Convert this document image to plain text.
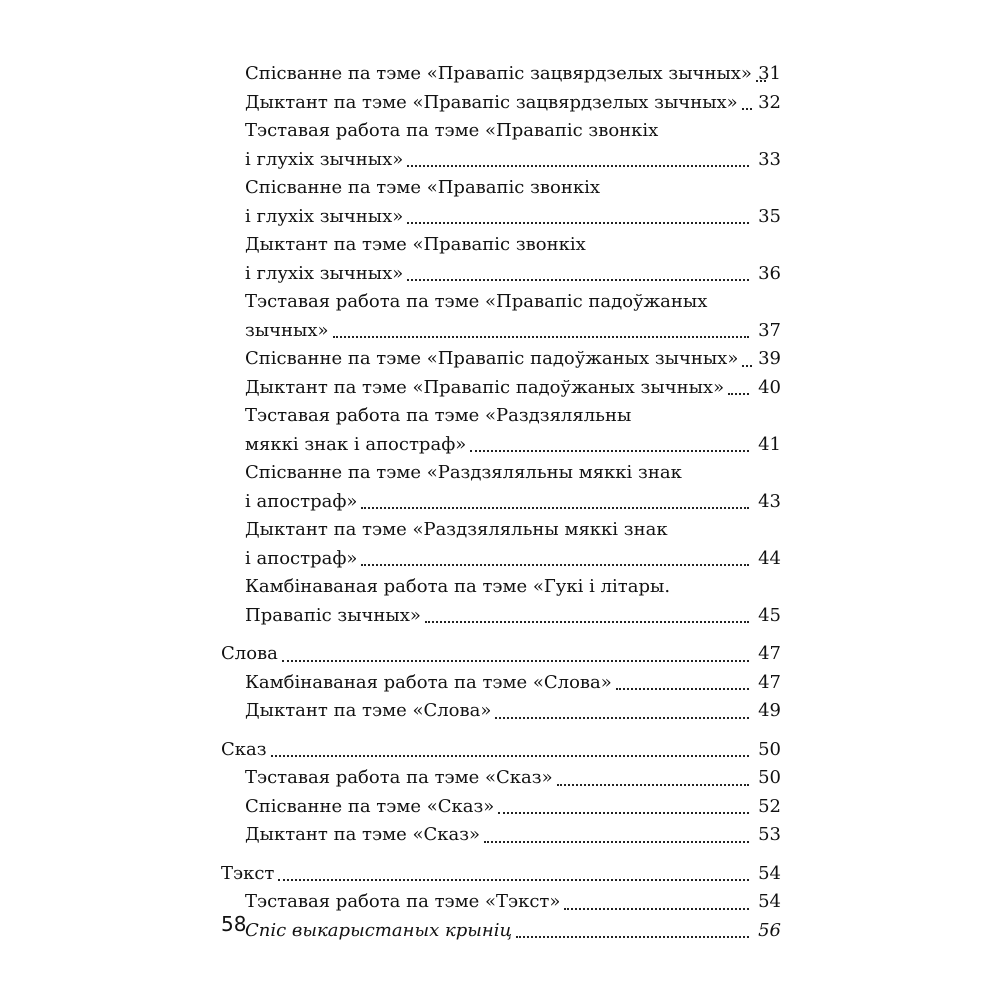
Спісванне па тэме «Правапіс зацвярдзелых зычных» 31
Дыктант па тэме «Правапіс зацвярдзелых зычных» 32
Тэставая работа па тэме «Правапіс звонкіх
і глухіх зычных»	33
Спісванне па тэме «Правапіс звонкіх
і глухіх зычных»	35
Дыктант па тэме «Правапіс звонкіх
і глухіх зычных»	36
Тэставая работа па тэме «Правапіс падоўжаных
зычных»	37
Спісванне па тэме «Правапіс падоўжаных зычных» 39
Дыктант па тэме «Правапіс падоўжаных зычных» 40
Тэставая работа па тэме «Раздзяляльны
мяккі знак і апостраф»	41
Спісванне па тэме «Раздзяляльны мяккі знак
і апостраф»	43
Дыктант па тэме «Раздзяляльны мяккі знак
і апостраф»	44
Камбінаваная работа па тэме «Гукі і літары.
Правапіс зычных»	45
Слова	47
Камбінаваная работа па тэме «Слова»	47
Дыктант па тэме «Слова»	49
Сказ	50
Тэставая работа па тэме «Сказ»	50
Спісванне па тэме «Сказ»	52
Дыктант па тэме «Сказ»	53
Тэкст	54
Тэставая работа па тэме «Тэкст»	54
Спіс выкарыстаных крыніц	56
58
